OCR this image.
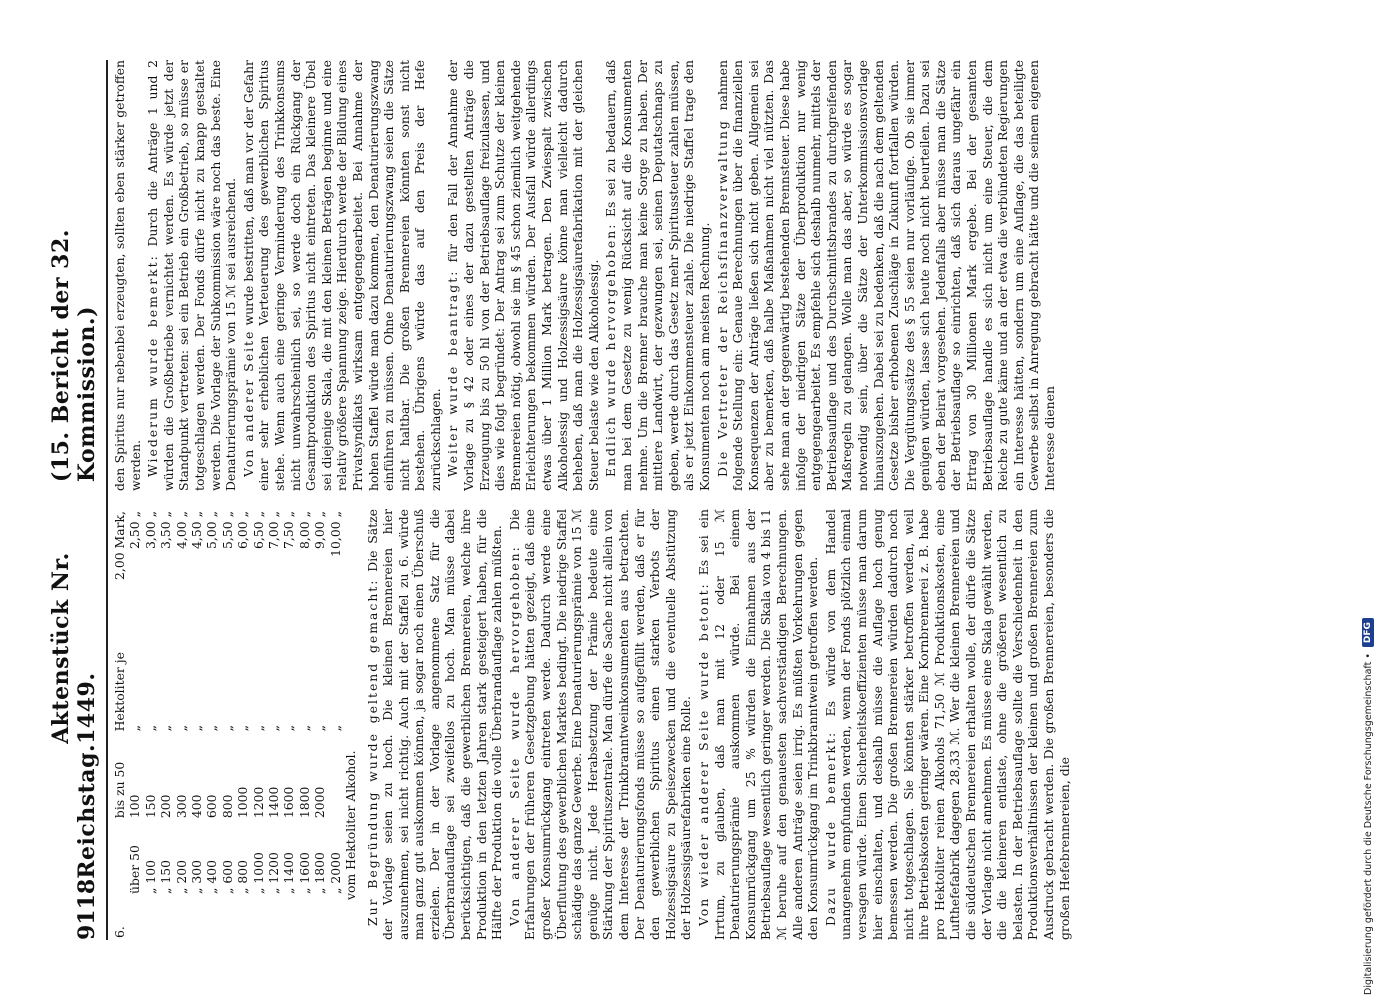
9118
Reichstag.
Aktenstück Nr. 1449.
(15. Bericht der 32. Kommission.)
6.		bis zu 50	Hektoliter je	2,00 Mark,
	über 50	100	„	2,50 „
	„ 100	150	„	3,00 „
	„ 150	200	„	3,50 „
	„ 200	300	„	4,00 „
	„ 300	400	„	4,50 „
	„ 400	600	„	5,00 „
	„ 600	800	„	5,50 „
	„ 800	1000	„	6,00 „
	„ 1000	1200	„	6,50 „
	„ 1200	1400	„	7,00 „
	„ 1400	1600	„	7,50 „
	„ 1600	1800	„	8,00 „
	„ 1800	2000	„	9,00 „
	„ 2000		„	10,00 „
vom Hektoliter Alkohol.				Zur Begründung wurde geltend gemacht: Die Sätze der Vorlage seien zu hoch. Die kleinen Brennereien hier auszunehmen, sei nicht richtig. Auch mit der Staffel zu 6. würde man ganz gut auskommen können, ja sogar noch einen Überschuß erzielen. Der in der Vorlage angenommene Satz für die Überbrandauflage sei zweifellos zu hoch. Man müsse dabei berücksichtigen, daß die gewerblichen Brennereien, welche ihre Produktion in den letzten Jahren stark gesteigert haben, für die Hälfte der Produktion die volle Überbrandauflage zahlen müßten. Von anderer Seite wurde hervorgehoben: Die Erfahrungen der früheren Gesetzgebung hätten gezeigt, daß eine großer Konsumrückgang eintreten werde. Dadurch werde eine Überflutung des gewerblichen Marktes bedingt. Die niedrige Staffel schädige das ganze Gewerbe. Eine Denaturierungsprämie von 15 ℳ genüge nicht. Jede Herabsetzung der Prämie bedeute eine Stärkung der Spirituszentrale. Man dürfe die Sache nicht allein von dem Interesse der Trinkbranntweinkonsumenten aus betrachten. Der Denaturierungsfonds müsse so aufgefüllt werden, daß er für den gewerblichen Spiritus einen starken Verbots der Holzessigsäure zu Speisezwecken und die eventuelle Abstützung der Holzessigsäurefabriken eine Rolle. Von wieder anderer Seite wurde betont: Es sei ein Irrtum, zu glauben, daß man mit 12 oder 15 ℳ Denaturierungsprämie auskommen würde. Bei einem Konsumrückgang um 25 % würden die Einnahmen aus der Betriebsauflage wesentlich geringer werden. Die Skala von 4 bis 11 ℳ beruhe auf den genauesten sachverständigen Berechnungen. Alle anderen Anträge seien irrig. Es müßten Vorkehrungen gegen den Konsumrückgang im Trinkbranntwein getroffen werden. Dazu wurde bemerkt: Es würde von dem Handel unangenehm empfunden werden, wenn der Fonds plötzlich einmal versagen würde. Einen Sicherheitskoeffizienten müsse man darum hier einschalten, und deshalb müsse die Auflage hoch genug bemessen werden. Die großen Brennereien würden dadurch noch nicht totgeschlagen. Sie könnten stärker betroffen werden, weil ihre Betriebskosten geringer wären. Eine Kornbrennerei z. B. habe pro Hektoliter reinen Alkohols 71,50 ℳ Produktionskosten, eine Lufthefefabrik dagegen 28,33 ℳ. Wer die kleinen Brennereien und die süddeutschen Brennereien erhalten wolle, der dürfe die Sätze der Vorlage nicht annehmen. Es müsse eine Skala gewählt werden, die die kleineren entlaste, ohne die größeren wesentlich zu belasten. In der Betriebsauflage sollte die Verschiedenheit in den Produktionsverhältnissen der kleinen und großen Brennereien zum Ausdruck gebracht werden. Die großen Brennereien, besonders die großen Hefebrennereien, die

den Spiritus nur nebenbei erzeugten, sollten eben stärker getroffen werden. Wiederum wurde bemerkt: Durch die Anträge 1 und 2 würden die Großbetriebe vernichtet werden. Es würde jetzt der Standpunkt vertreten: sei ein Betrieb ein Großbetrieb, so müsse er totgeschlagen werden. Der Fonds dürfe nicht zu knapp gestaltet werden. Die Vorlage der Subkommission wäre noch das beste. Eine Denaturierungsprämie von 15 ℳ sei ausreichend. Von anderer Seite wurde bestritten, daß man vor der Gefahr einer sehr erheblichen Verteuerung des gewerblichen Spiritus stehe. Wenn auch eine geringe Verminderung des Trinkkonsums nicht unwahrscheinlich sei, so werde doch ein Rückgang der Gesamtproduktion des Spiritus nicht eintreten. Das kleinere Übel sei diejenige Skala, die mit den kleinen Beträgen beginne und eine relativ größere Spannung zeige. Hierdurch werde der Bildung eines Privatsyndikats wirksam entgegengearbeitet. Bei Annahme der hohen Staffel würde man dazu kommen, den Denaturierungszwang einführen zu müssen. Ohne Denaturierungszwang seien die Sätze nicht haltbar. Die großen Brennereien könnten sonst nicht bestehen. Übrigens würde das auf den Preis der Hefe zurückschlagen. Weiter wurde beantragt: für den Fall der Annahme der Vorlage zu § 42 oder eines der dazu gestellten Anträge die Erzeugung bis zu 50 hl von der Betriebsauflage freizulassen, und dies wie folgt begründet: Der Antrag sei zum Schutze der kleinen Brennereien nötig, obwohl sie im § 45 schon ziemlich weitgehende Erleichterungen bekommen würden. Der Ausfall würde allerdings etwas über 1 Million Mark betragen. Den Zwiespalt zwischen Alkoholessig und Holzessigsäure könne man vielleicht dadurch beheben, daß man die Holzessigsäurefabrikation mit der gleichen Steuer belaste wie den Alkoholessig. Endlich wurde hervorgehoben: Es sei zu bedauern, daß man bei dem Gesetze zu wenig Rücksicht auf die Konsumenten nehme. Um die Brenner brauche man keine Sorge zu haben. Der mittlere Landwirt, der gezwungen sei, seinen Deputatschnaps zu geben, werde durch das Gesetz mehr Spiritussteuer zahlen müssen, als er jetzt Einkommensteuer zahle. Die niedrige Staffel trage den Konsumenten noch am meisten Rechnung. Die Vertreter der Reichsfinanzverwaltung nahmen folgende Stellung ein: Genaue Berechnungen über die finanziellen Konsequenzen der Anträge ließen sich nicht geben. Allgemein sei aber zu bemerken, daß halbe Maßnahmen nicht viel nützten. Das sehe man an der gegenwärtig bestehenden Brennsteuer. Diese habe infolge der niedrigen Sätze der Überproduktion nur wenig entgegengearbeitet. Es empfehle sich deshalb nunmehr, mittels der Betriebsauflage und des Durchschnittsbrandes zu durchgreifenden Maßregeln zu gelangen. Wolle man das aber, so würde es sogar notwendig sein, über die Sätze der Unterkommissionsvorlage hinauszugehen. Dabei sei zu bedenken, daß die nach dem geltenden Gesetze bisher erhobenen Zuschläge in Zukunft fortfallen würden. Die Vergütungssätze des § 55 seien nur vorläufige. Ob sie immer genügen würden, lasse sich heute noch nicht beurteilen. Dazu sei eben der Beirat vorgesehen. Jedenfalls aber müsse man die Sätze der Betriebsauflage so einrichten, daß sich daraus ungefähr ein Ertrag von 30 Millionen Mark ergebe. Bei der gesamten Betriebsauflage handle es sich nicht um eine Steuer, die dem Reiche zu gute käme und an der etwa die verbündeten Regierungen ein Interesse hätten, sondern um eine Auflage, die das beteiligte Gewerbe selbst in Anregung gebracht hätte und die seinem eigenen Interesse dienen

Digitalisierung gefördert durch die Deutsche Forschungsgemeinschaft •
DFG
